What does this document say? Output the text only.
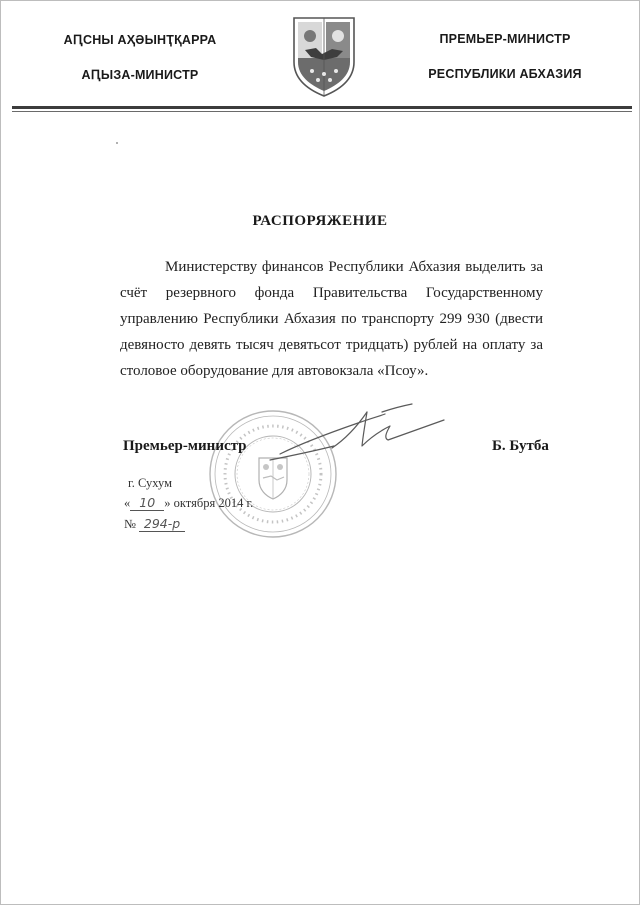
АԤСНЫ АҲӘЫНҬҚАРРА
АԤЫЗА-МИНИСТР
ПРЕМЬЕР-МИНИСТР
РЕСПУБЛИКИ АБХАЗИЯ
РАСПОРЯЖЕНИЕ
Министерству финансов Республики Абхазия выделить за счёт резервного фонда Правительства Государственному управлению Республики Абхазия по транспорту 299 930 (двести девяносто девять тысяч девятьсот тридцать) рублей на оплату за столовое оборудование для автовокзала «Псоу».
Премьер-министр	Б. Бутба
г. Сухум
« 10 » октября 2014 г.
№ 294-р
